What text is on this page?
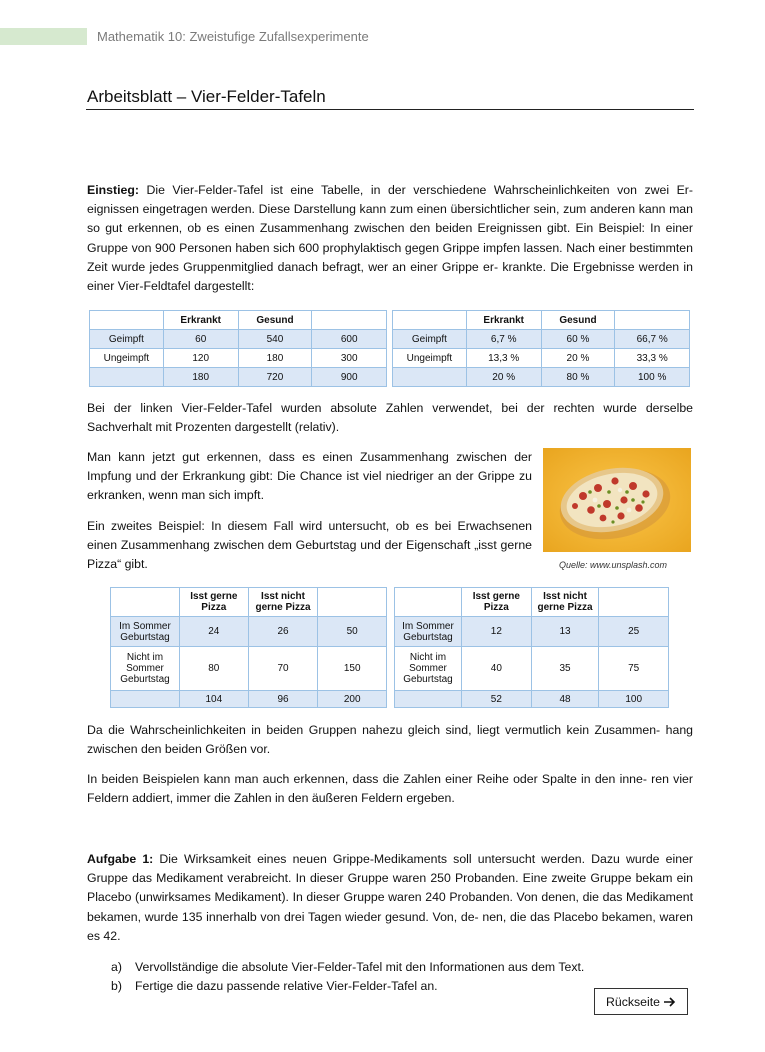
Mathematik 10: Zweistufige Zufallsexperimente
Arbeitsblatt – Vier-Felder-Tafeln

Einstieg: Die Vier-Felder-Tafel ist eine Tabelle, in der verschiedene Wahrscheinlichkeiten von zwei Er- eignissen eingetragen werden. Diese Darstellung kann zum einen übersichtlicher sein, zum anderen kann man so gut erkennen, ob es einen Zusammenhang zwischen den beiden Ereignissen gibt. Ein Beispiel: In einer Gruppe von 900 Personen haben sich 600 prophylaktisch gegen Grippe impfen lassen. Nach einer bestimmten Zeit wurde jedes Gruppenmitglied danach befragt, wer an einer Grippe er- krankte. Die Ergebnisse werden in einer Vier-Feldtafel dargestellt:

	Erkrankt	Gesund	
Geimpft	60	540	600
Ungeimpft	120	180	300
	180	720	900
	Erkrankt	Gesund	
Geimpft	6,7 %	60 %	66,7 %
Ungeimpft	13,3 %	20 %	33,3 %
	20 %	80 %	100 %

Bei der linken Vier-Felder-Tafel wurden absolute Zahlen verwendet, bei der rechten wurde derselbe Sachverhalt mit Prozenten dargestellt (relativ).

Man kann jetzt gut erkennen, dass es einen Zusammenhang zwischen der Impfung und der Erkrankung gibt: Die Chance ist viel niedriger an der Grippe zu erkranken, wenn man sich impft.

Ein zweites Beispiel: In diesem Fall wird untersucht, ob es bei Erwachsenen einen Zusammenhang zwischen dem Geburtstag und der Eigenschaft „isst gerne Pizza“ gibt.	Quelle: www.unsplash.com
	Isst gerne Pizza	Isst nicht gerne Pizza	
Im Sommer Geburtstag	24	26	50
Nicht im Sommer Geburtstag	80	70	150
	104	96	200
	Isst gerne Pizza	Isst nicht gerne Pizza	
Im Sommer Geburtstag	12	13	25
Nicht im Sommer Geburtstag	40	35	75
	52	48	100

Da die Wahrscheinlichkeiten in beiden Gruppen nahezu gleich sind, liegt vermutlich kein Zusammen- hang zwischen den beiden Größen vor.

In beiden Beispielen kann man auch erkennen, dass die Zahlen einer Reihe oder Spalte in den inne- ren vier Feldern addiert, immer die Zahlen in den äußeren Feldern ergeben.

Aufgabe 1: Die Wirksamkeit eines neuen Grippe-Medikaments soll untersucht werden. Dazu wurde einer Gruppe das Medikament verabreicht. In dieser Gruppe waren 250 Probanden. Eine zweite Gruppe bekam ein Placebo (unwirksames Medikament). In dieser Gruppe waren 240 Probanden. Von denen, die das Medikament bekamen, wurde 135 innerhalb von drei Tagen wieder gesund. Von, de- nen, die das Placebo bekamen, waren es 42.

a) Vervollständige die absolute Vier-Felder-Tafel mit den Informationen aus dem Text.
b) Fertige die dazu passende relative Vier-Felder-Tafel an.
Rückseite
